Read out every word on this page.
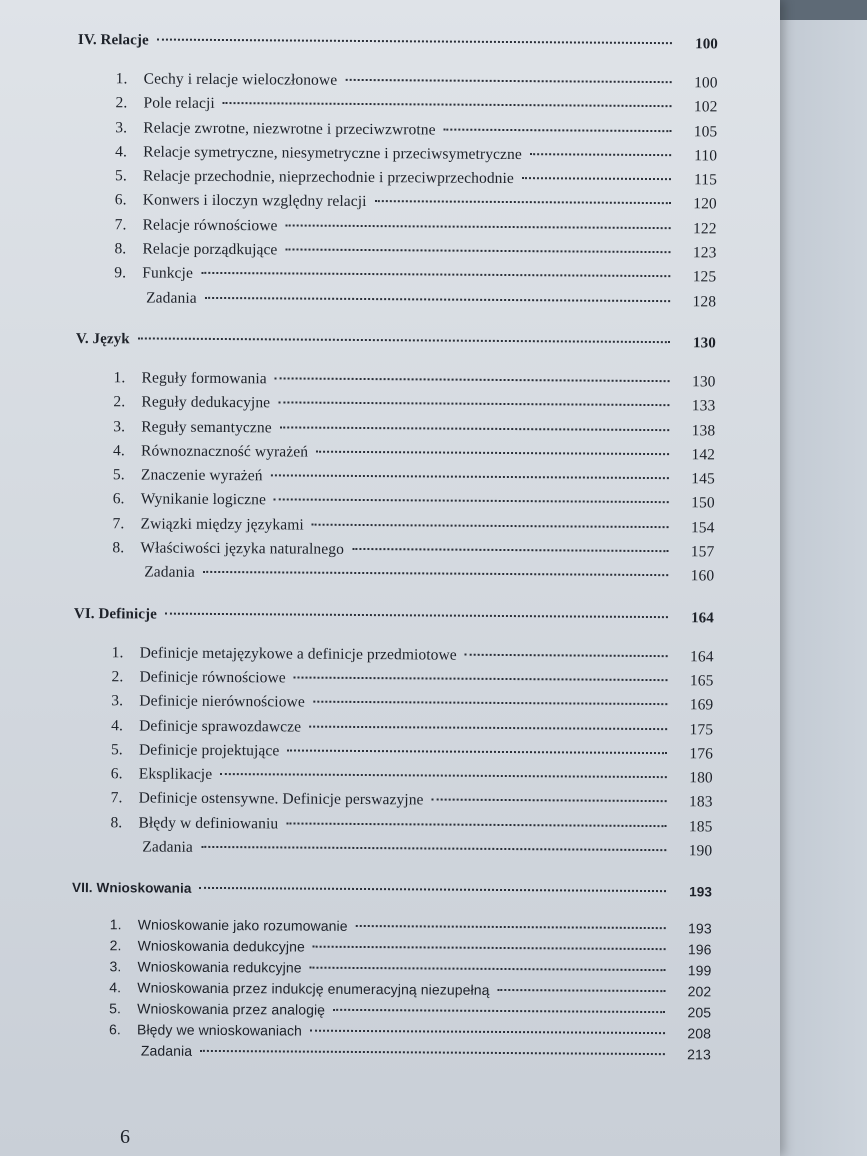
IV. Relacje	100
1. Cechy i relacje wieloczłonowe	100
2. Pole relacji	102
3. Relacje zwrotne, niezwrotne i przeciwzwrotne	105
4. Relacje symetryczne, niesymetryczne i przeciwsymetryczne	110
5. Relacje przechodnie, nieprzechodnie i przeciwprzechodnie	115
6. Konwers i iloczyn względny relacji	120
7. Relacje równościowe	122
8. Relacje porządkujące	123
9. Funkcje	125
Zadania	128
V. Język	130
1. Reguły formowania	130
2. Reguły dedukacyjne	133
3. Reguły semantyczne	138
4. Równoznaczność wyrażeń	142
5. Znaczenie wyrażeń	145
6. Wynikanie logiczne	150
7. Związki między językami	154
8. Właściwości języka naturalnego	157
Zadania	160
VI. Definicje	164
1. Definicje metajęzykowe a definicje przedmiotowe	164
2. Definicje równościowe	165
3. Definicje nierównościowe	169
4. Definicje sprawozdawcze	175
5. Definicje projektujące	176
6. Eksplikacje	180
7. Definicje ostensywne. Definicje perswazyjne	183
8. Błędy w definiowaniu	185
Zadania	190
VII. Wnioskowania	193
1. Wnioskowanie jako rozumowanie	193
2. Wnioskowania dedukcyjne	196
3. Wnioskowania redukcyjne	199
4. Wnioskowania przez indukcję enumeracyjną niezupełną	202
5. Wnioskowania przez analogię	205
6. Błędy we wnioskowaniach	208
Zadania	213
6
